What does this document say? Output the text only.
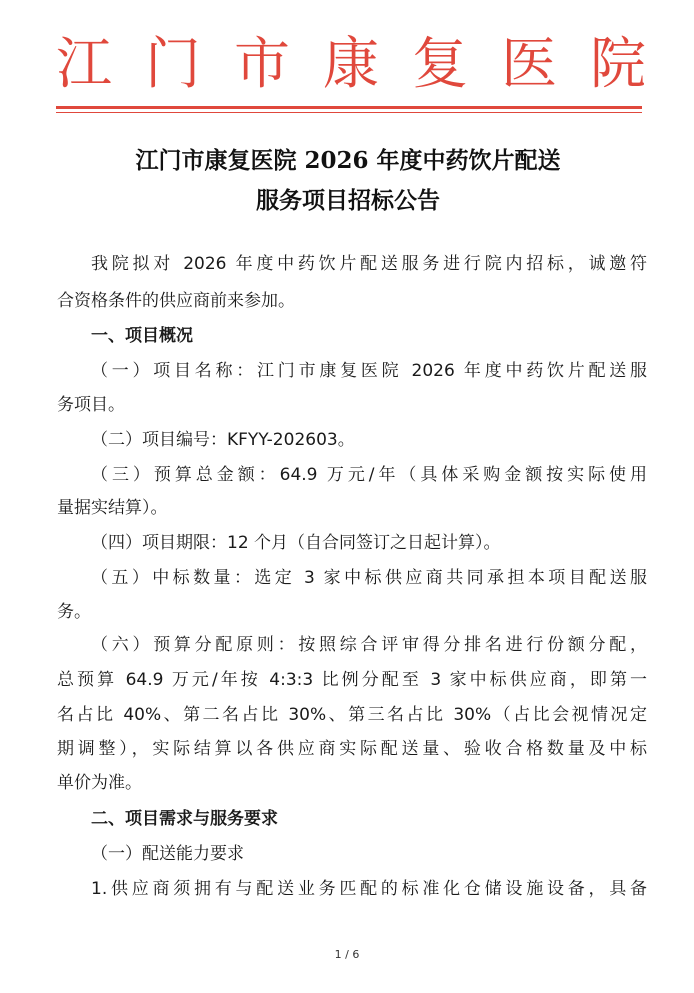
江 门 市 康 复 医 院
江门市康复医院 2026 年度中药饮片配送
服务项目招标公告
我院拟对 2026 年度中药饮片配送服务进行院内招标，诚邀符
合资格条件的供应商前来参加。
一、项目概况
（一）项目名称：江门市康复医院 2026 年度中药饮片配送服
务项目。
（二）项目编号：KFYY-202603。
（三）预算总金额：64.9 万元/年（具体采购金额按实际使用
量据实结算）。
（四）项目期限：12 个月（自合同签订之日起计算）。
（五）中标数量：选定 3 家中标供应商共同承担本项目配送服
务。
（六）预算分配原则：按照综合评审得分排名进行份额分配，
总预算 64.9 万元/年按 4:3:3 比例分配至 3 家中标供应商，即第一
名占比 40%、第二名占比 30%、第三名占比 30%（占比会视情况定
期调整），实际结算以各供应商实际配送量、验收合格数量及中标
单价为准。
二、项目需求与服务要求
（一）配送能力要求
1.供应商须拥有与配送业务匹配的标准化仓储设施设备，具备
1 / 6
